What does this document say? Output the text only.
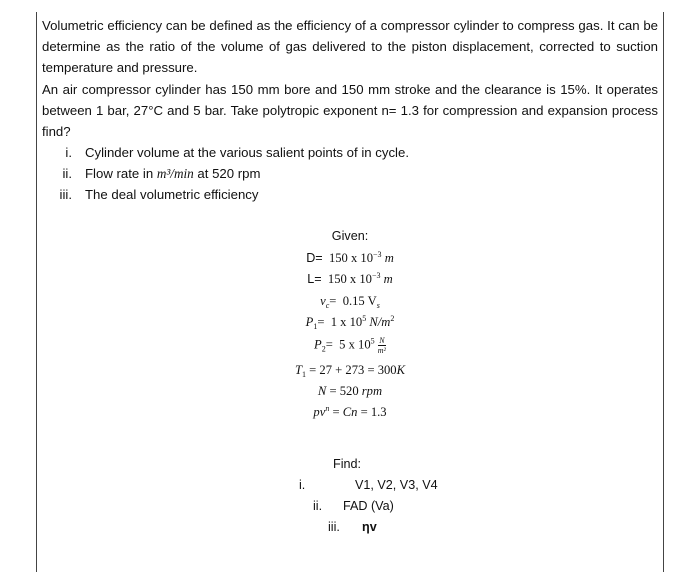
Volumetric efficiency can be defined as the efficiency of a compressor cylinder to compress gas. It can be
determine as the ratio of the volume of gas delivered to the piston displacement, corrected to suction
temperature and pressure.
An air compressor cylinder has 150 mm bore and 150 mm stroke and the clearance is 15%. It operates
between 1 bar, 27°C and 5 bar. Take polytropic exponent n= 1.3 for compression and expansion process
find?
i. Cylinder volume at the various salient points of in cycle.
ii. Flow rate in m³/min at 520 rpm
iii. The deal volumetric efficiency
Given:
D= 150 x $10^{-3}$ m
L= 150 x $10^{-3}$ m
$v_c= 0.15$ $V_s$
$P_1= 1$ x $10^5$ $N/m^2$
$P_2= 5$ x $10^5 \frac{N}{\text{m²}}$
$T_1 = 27 + 273 = 300K$
N = 520 rpm
$pv^n = Cn = 1.3$
Find:
i.	V1, V2, V3, V4
ii. FAD (Va)
iii. ηv
